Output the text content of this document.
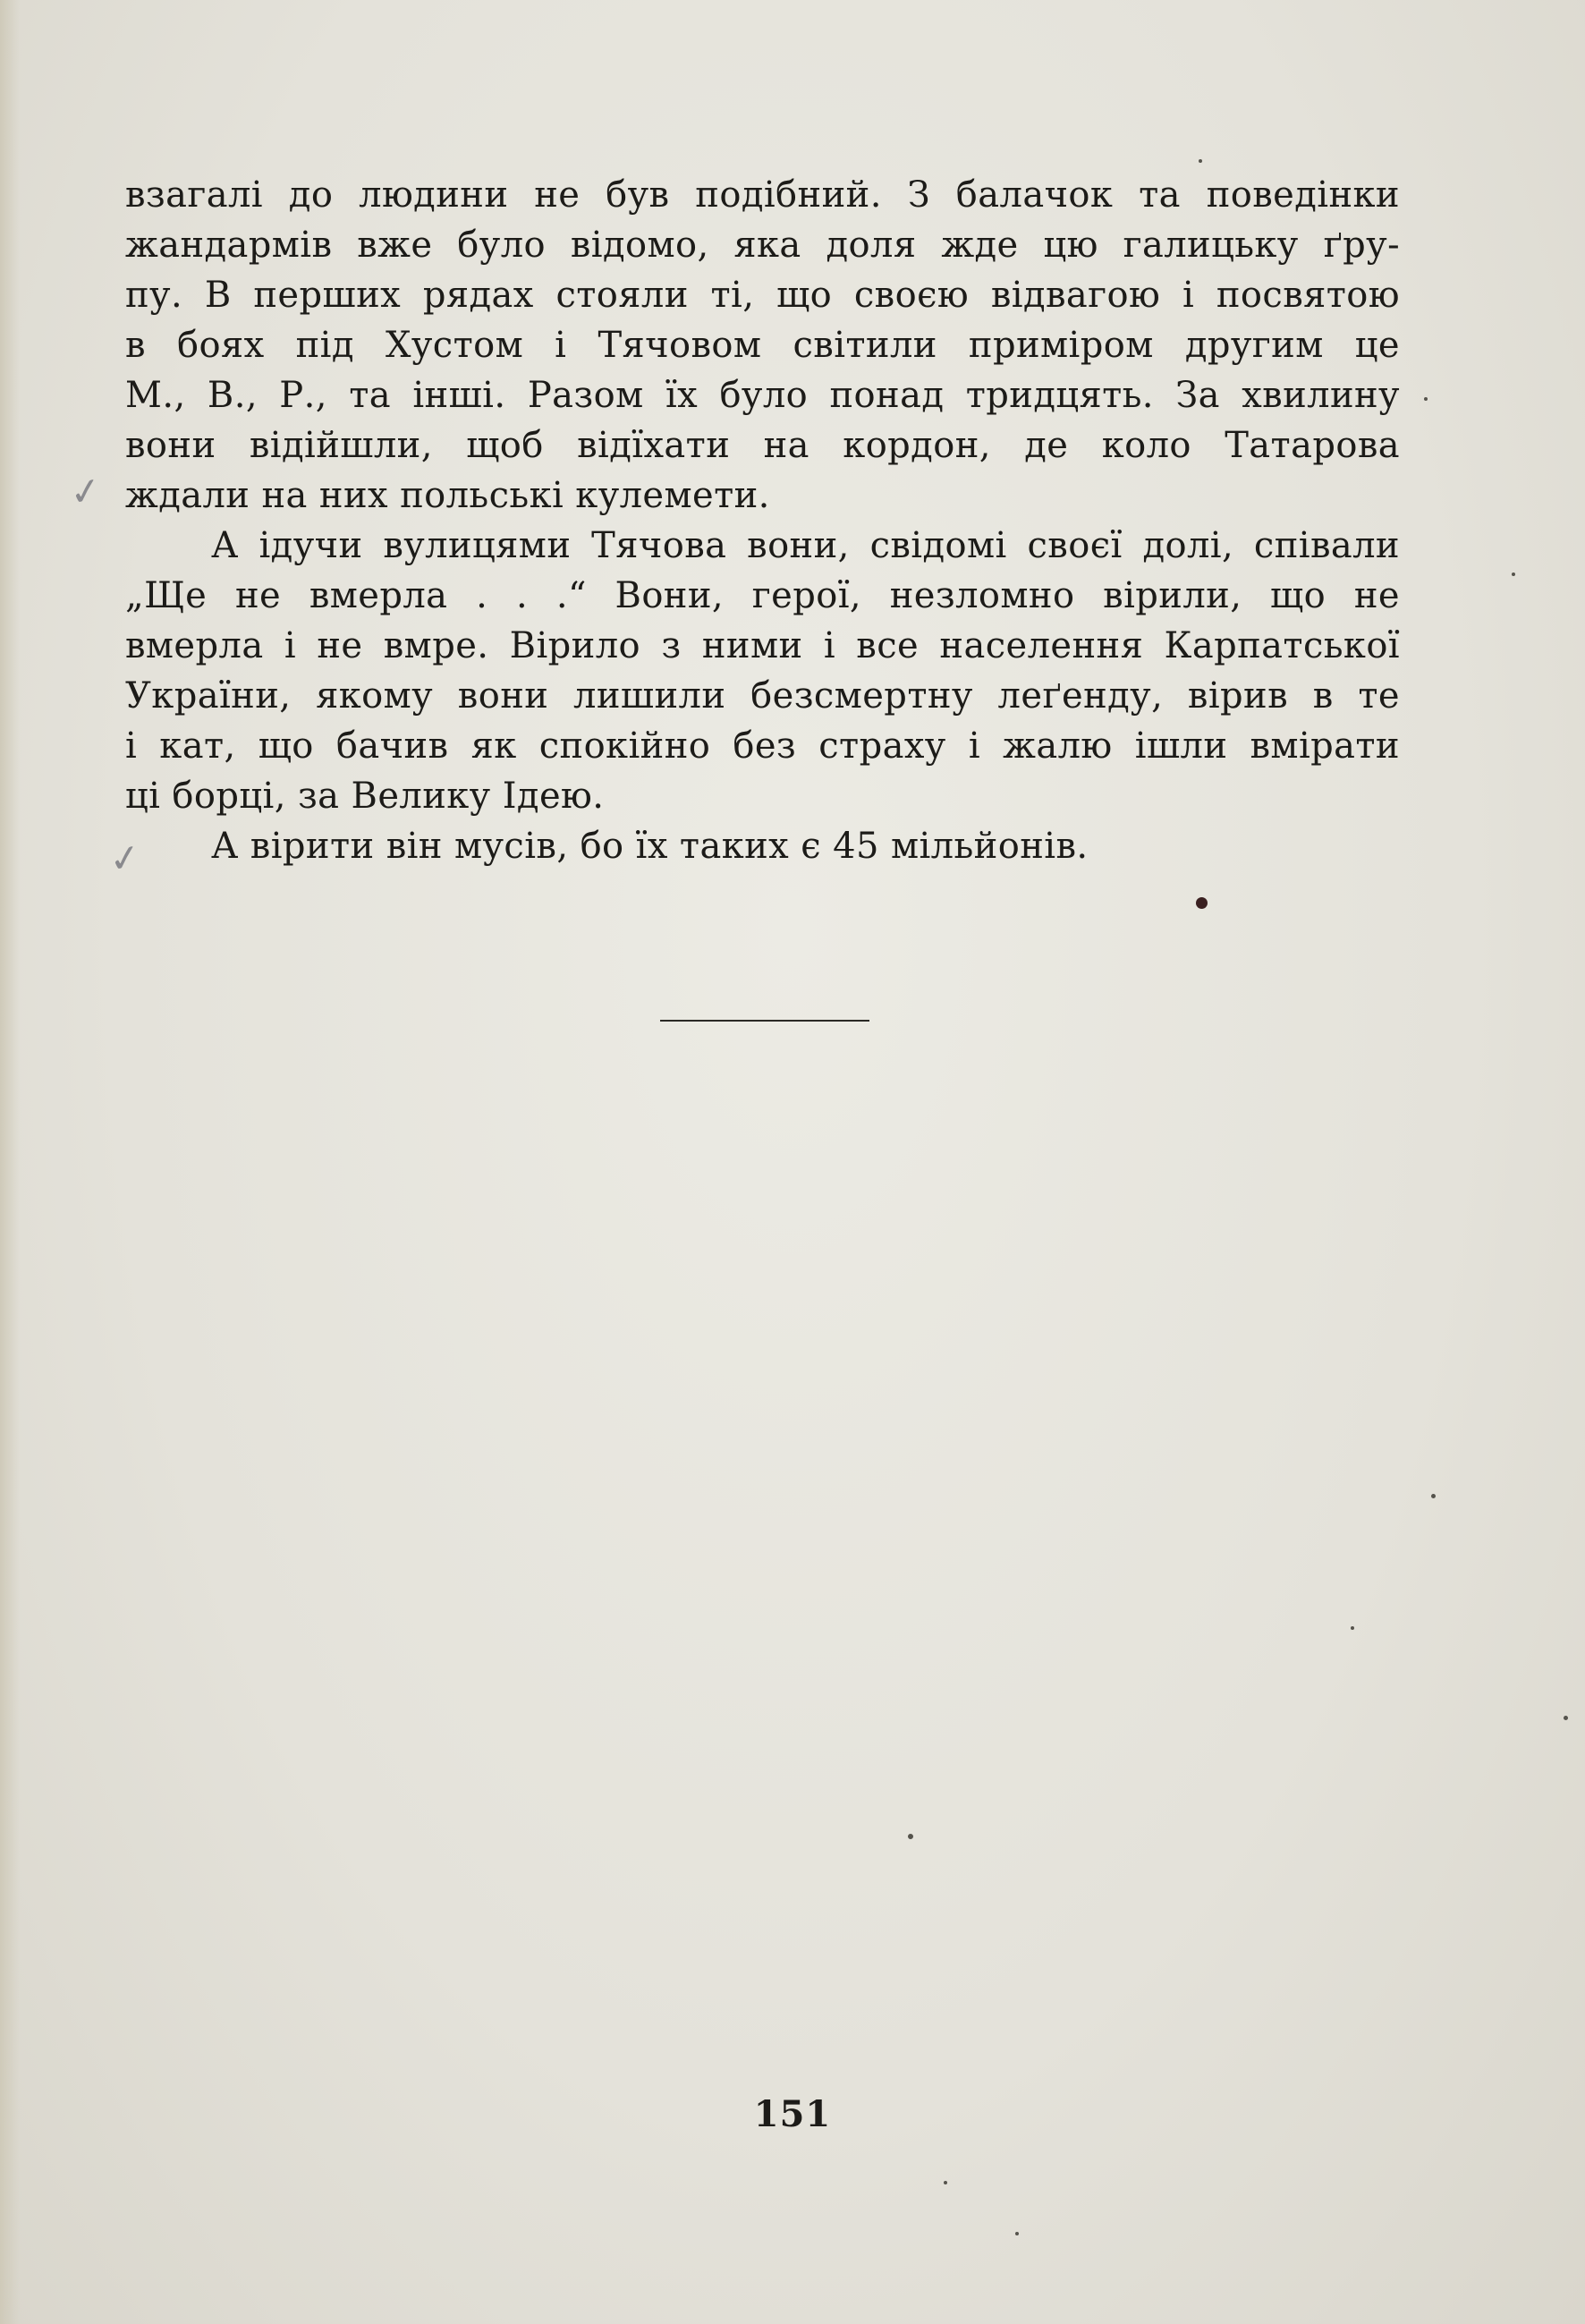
взагалі до людини не був подібний. З балачок та поведінки
жандармів вже було відомо, яка доля жде цю галицьку ґру-
пу. В перших рядах стояли ті, що своєю відвагою і посвятою
в боях під Хустом і Тячовом світили приміром другим це
М., В., Р., та інші. Разом їх було понад тридцять. За хвилину
вони відійшли, щоб відїхати на кордон, де коло Татарова
ждали на них польські кулемети.
А ідучи вулицями Тячова вони, свідомі своєї долі, співали
„Ще не вмерла . . .“ Вони, герої, незломно вірили, що не
вмерла і не вмре. Вірило з ними і все населення Карпатської
України, якому вони лишили безсмертну леґенду, вірив в те
і кат, що бачив як спокійно без страху і жалю ішли вмірати
ці борці, за Велику Ідею.
А вірити він мусів, бо їх таких є 45 мільйонів.
151
✓
✓
